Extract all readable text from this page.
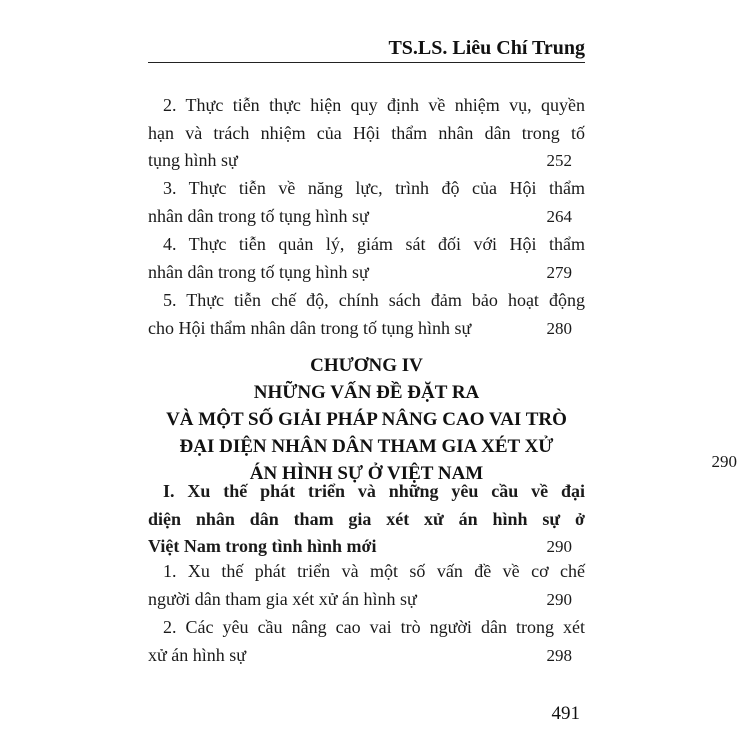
TS.LS. Liêu Chí Trung
2. Thực tiễn thực hiện quy định về nhiệm vụ, quyền
hạn và trách nhiệm của Hội thẩm nhân dân trong tố
tụng hình sự	252
3. Thực tiễn về năng lực, trình độ của Hội thẩm
nhân dân trong tố tụng hình sự	264
4. Thực tiễn quản lý, giám sát đối với Hội thẩm
nhân dân trong tố tụng hình sự	279
5. Thực tiễn chế độ, chính sách đảm bảo hoạt động
cho Hội thẩm nhân dân trong tố tụng hình sự	280
CHƯƠNG IV
NHỮNG VẤN ĐỀ ĐẶT RA
VÀ MỘT SỐ GIẢI PHÁP NÂNG CAO VAI TRÒ
ĐẠI DIỆN NHÂN DÂN THAM GIA XÉT XỬ
ÁN HÌNH SỰ Ở VIỆT NAM
290
I. Xu thế phát triển và những yêu cầu về đại
diện nhân dân tham gia xét xử án hình sự ở
Việt Nam trong tình hình mới	290
1. Xu thế phát triển và một số vấn đề về cơ chế
người dân tham gia xét xử án hình sự	290
2. Các yêu cầu nâng cao vai trò người dân trong xét
xử án hình sự	298
491
